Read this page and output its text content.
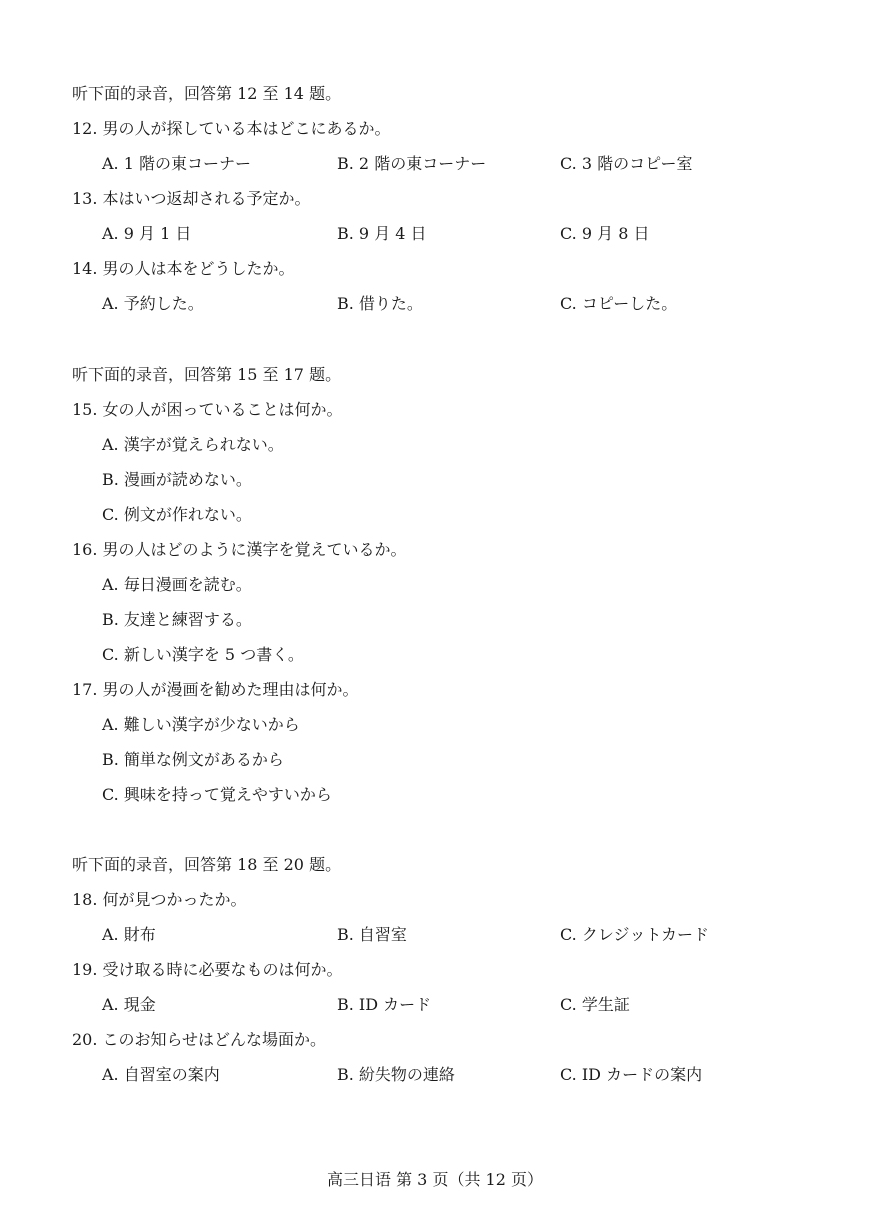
听下面的录音，回答第 12 至 14 题。
12. 男の人が探している本はどこにあるか。
A. 1 階の東コーナー	B. 2 階の東コーナー	C. 3 階のコピー室
13. 本はいつ返却される予定か。
A. 9 月 1 日	B. 9 月 4 日	C. 9 月 8 日
14. 男の人は本をどうしたか。
A. 予約した。	B. 借りた。	C. コピーした。
听下面的录音，回答第 15 至 17 题。
15. 女の人が困っていることは何か。
A. 漢字が覚えられない。
B. 漫画が読めない。
C. 例文が作れない。
16. 男の人はどのように漢字を覚えているか。
A. 毎日漫画を読む。
B. 友達と練習する。
C. 新しい漢字を 5 つ書く。
17. 男の人が漫画を勧めた理由は何か。
A. 難しい漢字が少ないから
B. 簡単な例文があるから
C. 興味を持って覚えやすいから
听下面的录音，回答第 18 至 20 题。
18. 何が見つかったか。
A. 財布	B. 自習室	C. クレジットカード
19. 受け取る時に必要なものは何か。
A. 現金	B. ID カード	C. 学生証
20. このお知らせはどんな場面か。
A. 自習室の案内	B. 紛失物の連絡	C. ID カードの案内
高三日语 第 3 页（共 12 页）
